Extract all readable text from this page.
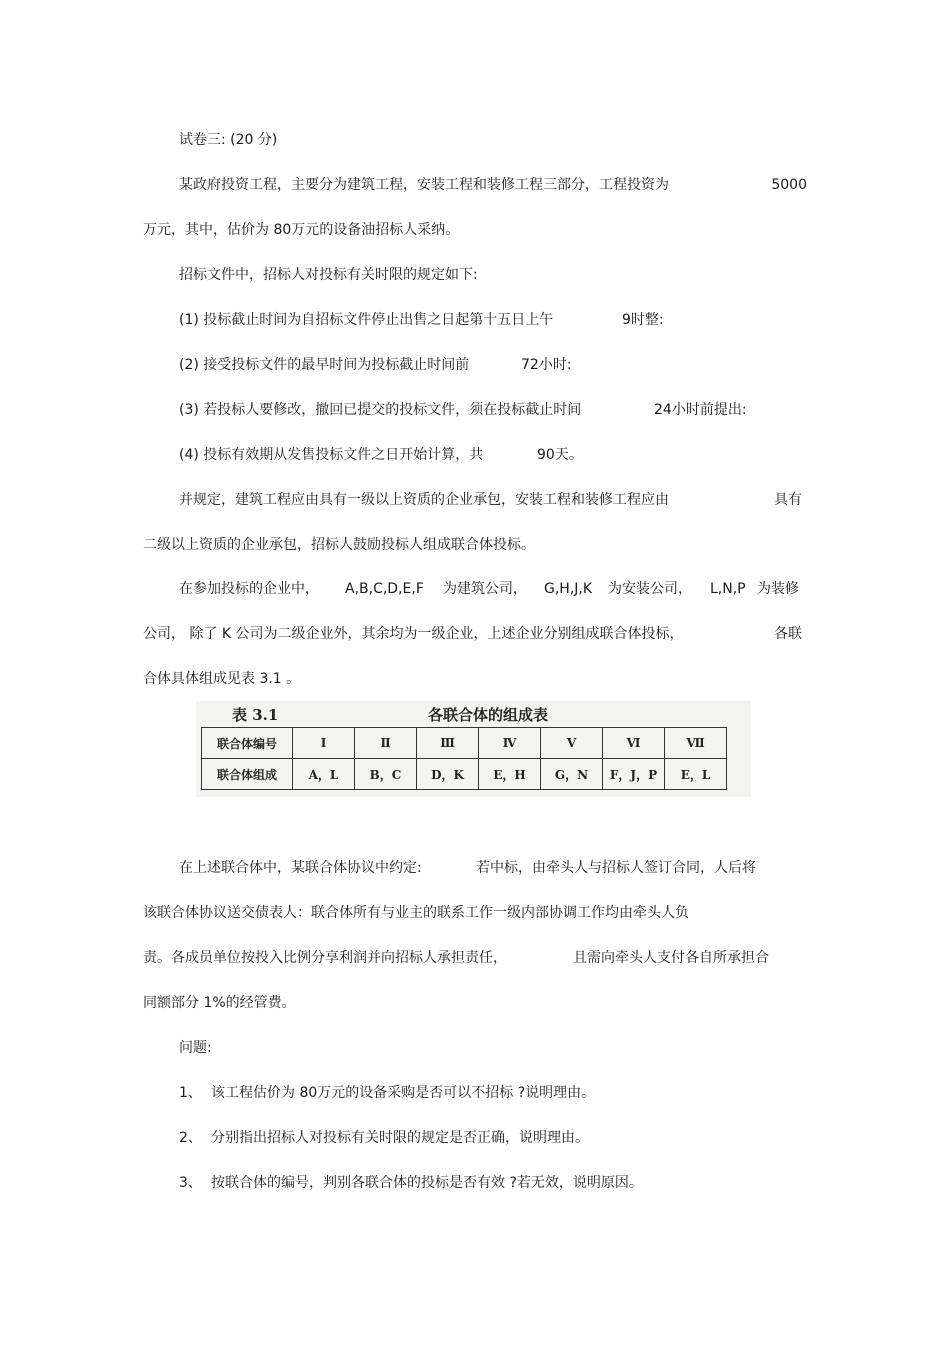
试卷三: (20 分)
某政府投资工程，主要分为建筑工程，安装工程和装修工程三部分，工程投资为	5000
万元，其中，估价为 80万元的设备油招标人采纳。
招标文件中，招标人对投标有关时限的规定如下:
(1) 投标截止时间为自招标文件停止出售之日起第十五日上午	9时整:
(2) 接受投标文件的最早时间为投标截止时间前	72小时:
(3) 若投标人要修改，撤回已提交的投标文件，须在投标截止时间	24小时前提出:
(4) 投标有效期从发售投标文件之日开始计算，共	90天。
并规定，建筑工程应由具有一级以上资质的企业承包，安装工程和装修工程应由	具有
二级以上资质的企业承包，招标人鼓励投标人组成联合体投标。
在参加投标的企业中， A,B,C,D,E,F 为建筑公司， G,H,J,K 为安装公司， L,N,P 为装修
公司， 除了 K 公司为二级企业外，其余均为一级企业，上述企业分别组成联合体投标，	各联
合体具体组成见表 3.1 。
表 3.1	各联合体的组成表
联合体编号	Ⅰ	Ⅱ	Ⅲ	Ⅳ	Ⅴ	Ⅵ	Ⅶ
联合体组成	A，L	B，C	D，K	E，H	G，N	F，J，P	E，L
在上述联合体中，某联合体协议中约定:	若中标，由牵头人与招标人签订合同，人后将
该联合体协议送交债表人：联合体所有与业主的联系工作一级内部协调工作均由牵头人负
责。各成员单位按投入比例分享利润并向招标人承担责任，	且需向牵头人支付各自所承担合
同额部分 1%的经管费。
问题:
1、 该工程估价为 80万元的设备采购是否可以不招标 ?说明理由。
2、 分别指出招标人对投标有关时限的规定是否正确，说明理由。
3、 按联合体的编号，判别各联合体的投标是否有效 ?若无效，说明原因。
